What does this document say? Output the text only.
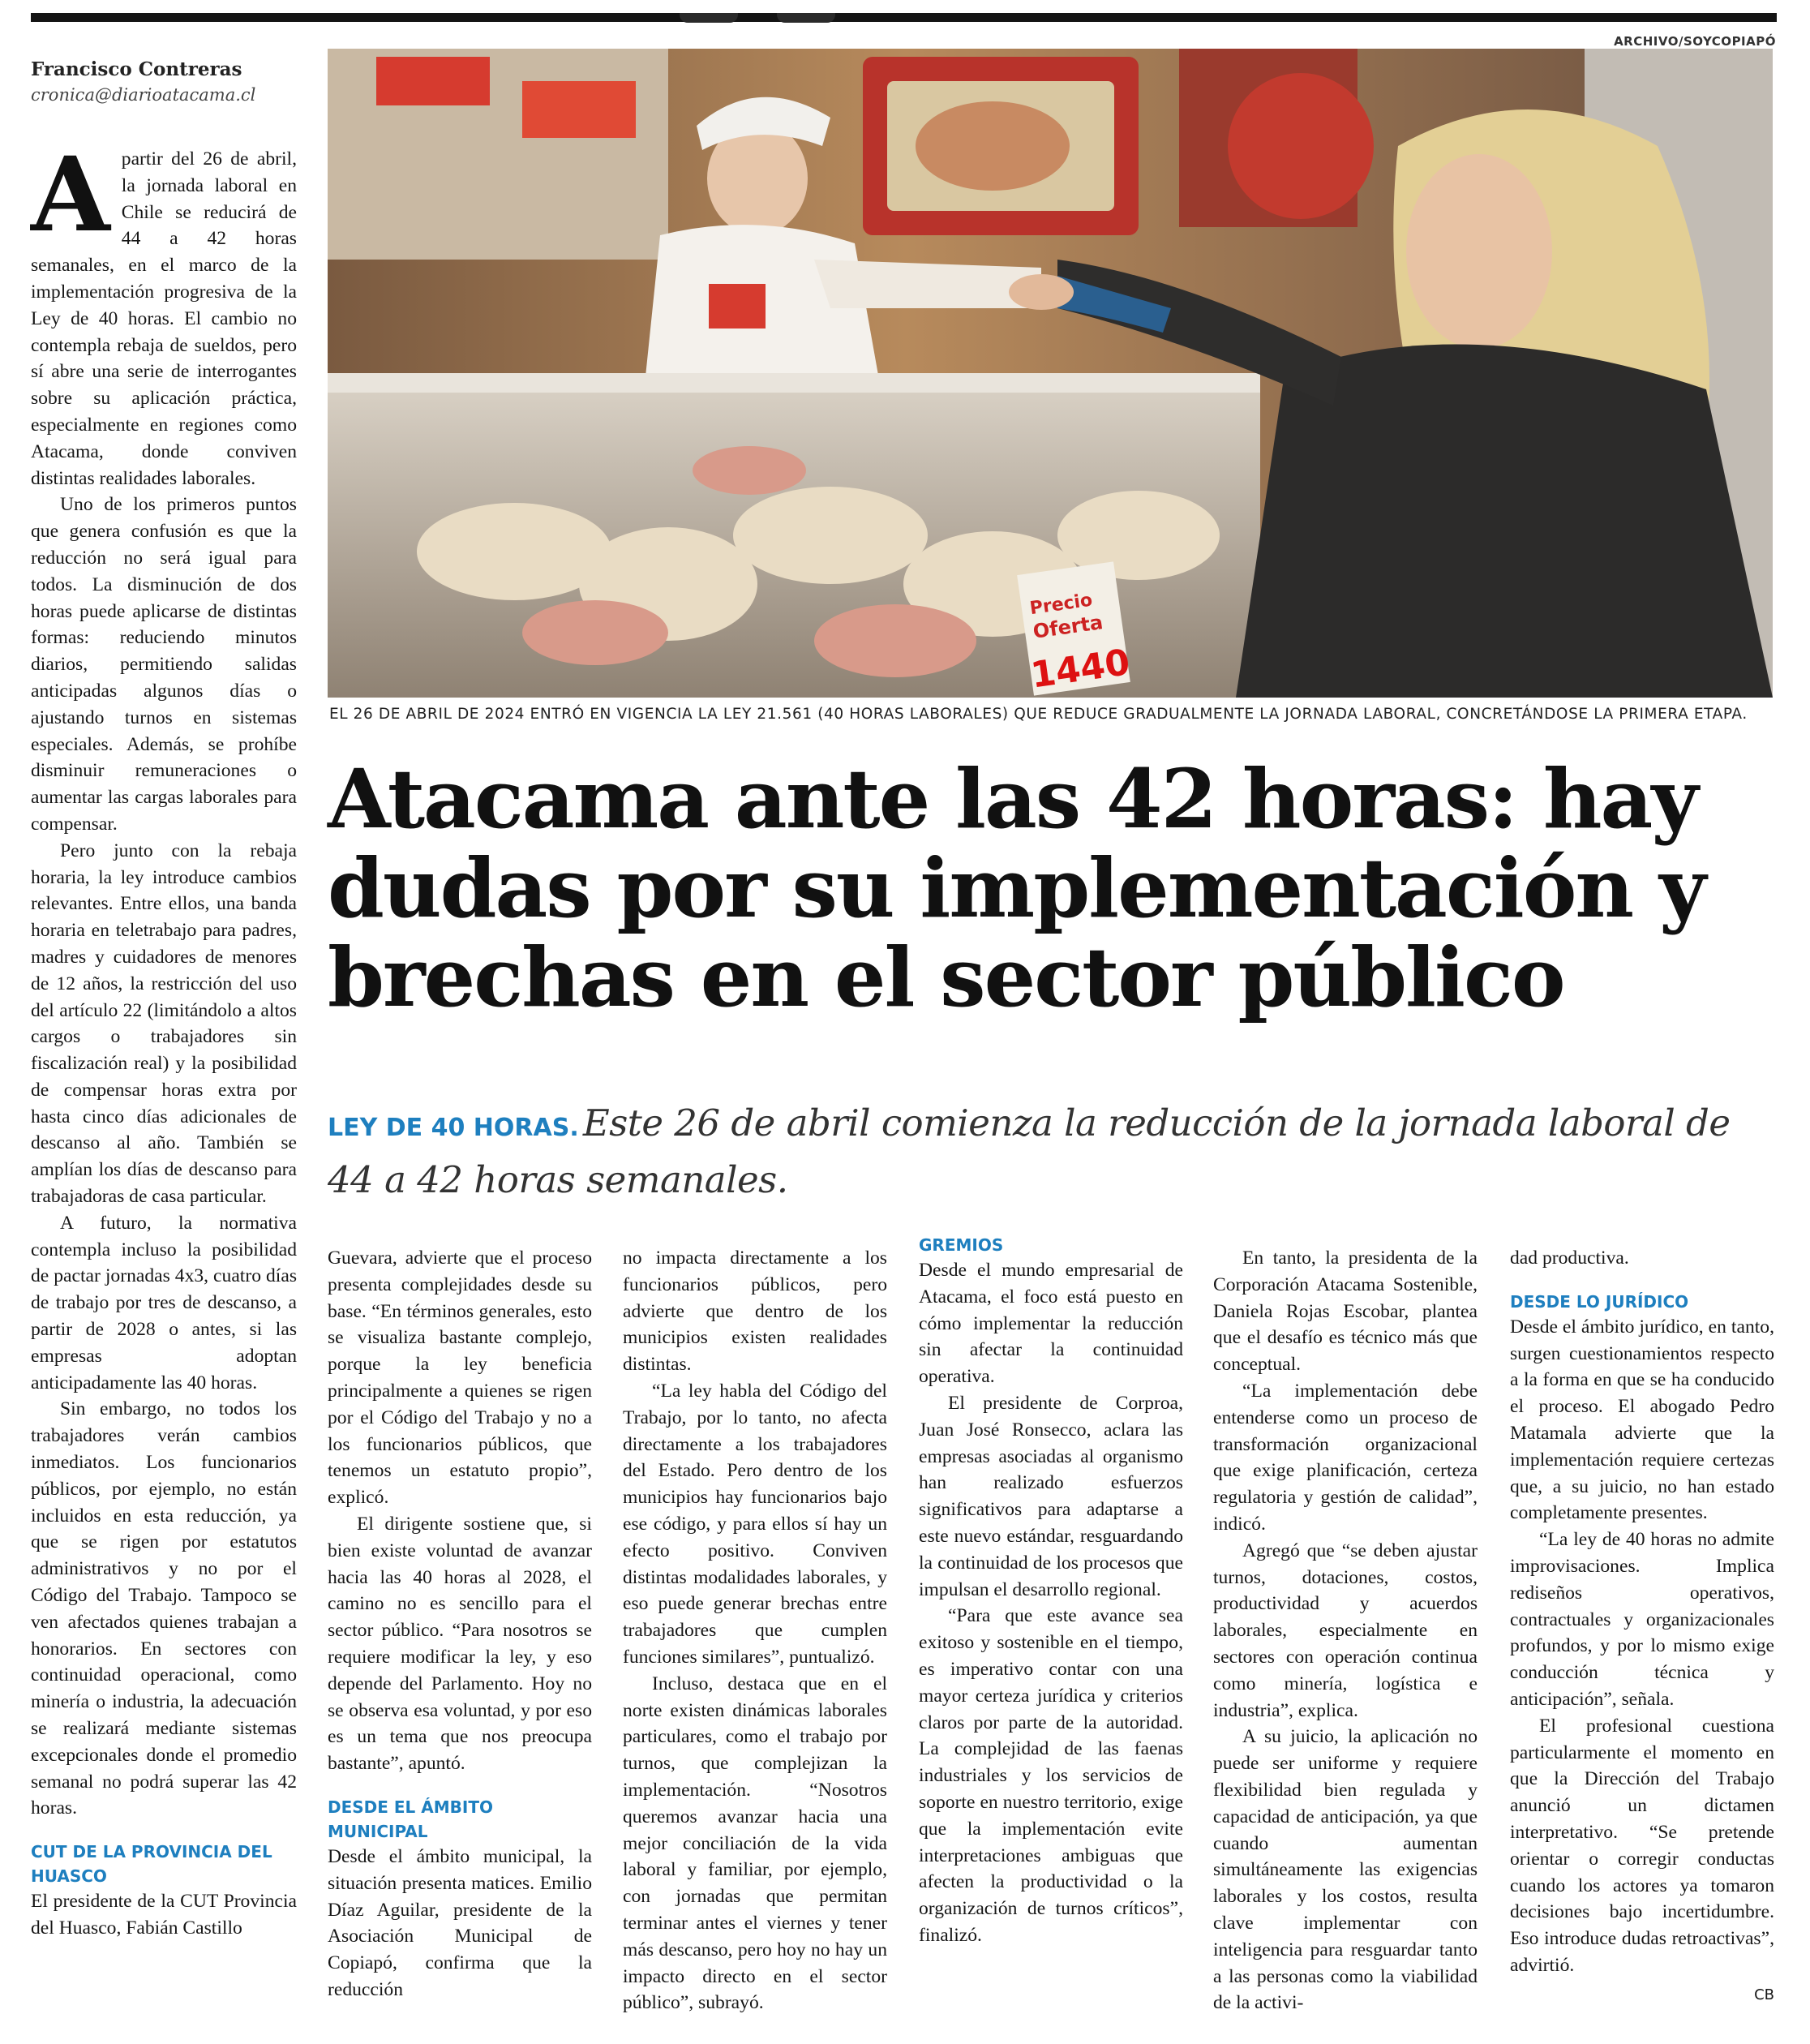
ARCHIVO/SOYCOPIAPÓ
Francisco Contreras
cronica@diarioatacama.cl

Apartir del 26 de abril, la jornada laboral en Chile se reducirá de 44 a 42 horas semanales, en el marco de la implementación progresiva de la Ley de 40 horas. El cambio no contempla rebaja de sueldos, pero sí abre una serie de interrogantes sobre su aplicación práctica, especialmente en regiones como Atacama, donde conviven distintas realidades laborales.

Uno de los primeros puntos que genera confusión es que la reducción no será igual para todos. La disminución de dos horas puede aplicarse de distintas formas: reduciendo minutos diarios, permitiendo salidas anticipadas algunos días o ajustando turnos en sistemas especiales. Además, se prohíbe disminuir remuneraciones o aumentar las cargas laborales para compensar.

Pero junto con la rebaja horaria, la ley introduce cambios relevantes. Entre ellos, una banda horaria en teletrabajo para padres, madres y cuidadores de menores de 12 años, la restricción del uso del artículo 22 (limitándolo a altos cargos o trabajadores sin fiscalización real) y la posibilidad de compensar horas extra por hasta cinco días adicionales de descanso al año. También se amplían los días de descanso para trabajadoras de casa particular.

A futuro, la normativa contempla incluso la posibilidad de pactar jornadas 4x3, cuatro días de trabajo por tres de descanso, a partir de 2028 o antes, si las empresas adoptan anticipadamente las 40 horas.

Sin embargo, no todos los trabajadores verán cambios inmediatos. Los funcionarios públicos, por ejemplo, no están incluidos en esta reducción, ya que se rigen por estatutos administrativos y no por el Código del Trabajo. Tampoco se ven afectados quienes trabajan a honorarios. En sectores con continuidad operacional, como minería o industria, la adecuación se realizará mediante sistemas excepcionales donde el promedio semanal no podrá superar las 42 horas.

CUT DE LA PROVINCIA DEL HUASCO

El presidente de la CUT Provincia del Huasco, Fabián Castillo

Precio
Oferta
1440
EL 26 DE ABRIL DE 2024 ENTRÓ EN VIGENCIA LA LEY 21.561 (40 HORAS LABORALES) QUE REDUCE GRADUALMENTE LA JORNADA LABORAL, CONCRETÁNDOSE LA PRIMERA ETAPA.
Atacama ante las 42 horas: hay dudas por su implementación y brechas en el sector público
LEY DE 40 HORAS. Este 26 de abril comienza la reducción de la jornada laboral de 44 a 42 horas semanales.

Guevara, advierte que el proceso presenta complejidades desde su base. “En términos generales, esto se visualiza bastante complejo, porque la ley beneficia principalmente a quienes se rigen por el Código del Trabajo y no a los funcionarios públicos, que tenemos un estatuto propio”, explicó.

El dirigente sostiene que, si bien existe voluntad de avanzar hacia las 40 horas al 2028, el camino no es sencillo para el sector público. “Para nosotros se requiere modificar la ley, y eso depende del Parlamento. Hoy no se observa esa voluntad, y por eso es un tema que nos preocupa bastante”, apuntó.

DESDE EL ÁMBITO MUNICIPAL

Desde el ámbito municipal, la situación presenta matices. Emilio Díaz Aguilar, presidente de la Asociación Municipal de Copiapó, confirma que la reducción

no impacta directamente a los funcionarios públicos, pero advierte que dentro de los municipios existen realidades distintas.

“La ley habla del Código del Trabajo, por lo tanto, no afecta directamente a los trabajadores del Estado. Pero dentro de los municipios hay funcionarios bajo ese código, y para ellos sí hay un efecto positivo. Conviven distintas modalidades laborales, y eso puede generar brechas entre trabajadores que cumplen funciones similares”, puntualizó.

Incluso, destaca que en el norte existen dinámicas laborales particulares, como el trabajo por turnos, que complejizan la implementación. “Nosotros queremos avanzar hacia una mejor conciliación de la vida laboral y familiar, por ejemplo, con jornadas que permitan terminar antes el viernes y tener más descanso, pero hoy no hay un impacto directo en el sector público”, subrayó.

GREMIOS

Desde el mundo empresarial de Atacama, el foco está puesto en cómo implementar la reducción sin afectar la continuidad operativa.

El presidente de Corproa, Juan José Ronsecco, aclara las empresas asociadas al organismo han realizado esfuerzos significativos para adaptarse a este nuevo estándar, resguardando la continuidad de los procesos que impulsan el desarrollo regional.

“Para que este avance sea exitoso y sostenible en el tiempo, es imperativo contar con una mayor certeza jurídica y criterios claros por parte de la autoridad. La complejidad de las faenas industriales y los servicios de soporte en nuestro territorio, exige que la implementación evite interpretaciones ambiguas que afecten la productividad o la organización de turnos críticos”, finalizó.

En tanto, la presidenta de la Corporación Atacama Sostenible, Daniela Rojas Escobar, plantea que el desafío es técnico más que conceptual.

“La implementación debe entenderse como un proceso de transformación organizacional que exige planificación, certeza regulatoria y gestión de calidad”, indicó.

Agregó que “se deben ajustar turnos, dotaciones, costos, productividad y acuerdos laborales, especialmente en sectores con operación continua como minería, logística e industria”, explica.

A su juicio, la aplicación no puede ser uniforme y requiere flexibilidad bien regulada y capacidad de anticipación, ya que cuando aumentan simultáneamente las exigencias laborales y los costos, resulta clave implementar con inteligencia para resguardar tanto a las personas como la viabilidad de la activi-

dad productiva.

DESDE LO JURÍDICO

Desde el ámbito jurídico, en tanto, surgen cuestionamientos respecto a la forma en que se ha conducido el proceso. El abogado Pedro Matamala advierte que la implementación requiere certezas que, a su juicio, no han estado completamente presentes.

“La ley de 40 horas no admite improvisaciones. Implica rediseños operativos, contractuales y organizacionales profundos, y por lo mismo exige conducción técnica y anticipación”, señala.

El profesional cuestiona particularmente el momento en que la Dirección del Trabajo anunció un dictamen interpretativo. “Se pretende orientar o corregir conductas cuando los actores ya tomaron decisiones bajo incertidumbre. Eso introduce dudas retroactivas”, advirtió.

CB
